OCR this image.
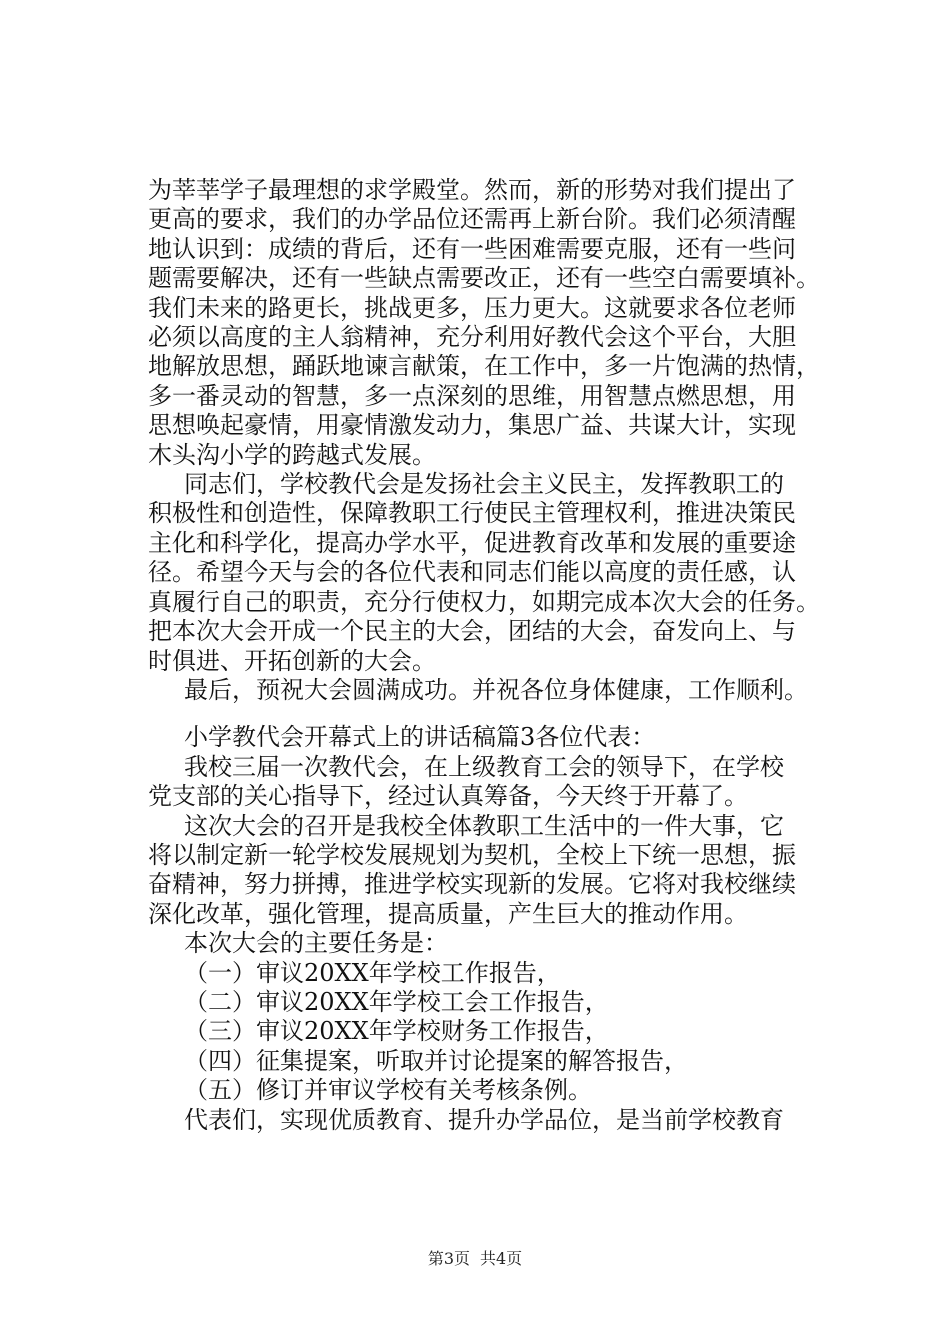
为莘莘学子最理想的求学殿堂。然而，新的形势对我们提出了
更高的要求，我们的办学品位还需再上新台阶。我们必须清醒
地认识到：成绩的背后，还有一些困难需要克服，还有一些问
题需要解决，还有一些缺点需要改正，还有一些空白需要填补。
我们未来的路更长，挑战更多，压力更大。这就要求各位老师
必须以高度的主人翁精神，充分利用好教代会这个平台，大胆
地解放思想，踊跃地谏言献策，在工作中，多一片饱满的热情，
多一番灵动的智慧，多一点深刻的思维，用智慧点燃思想，用
思想唤起豪情，用豪情激发动力，集思广益、共谋大计，实现
木头沟小学的跨越式发展。
同志们，学校教代会是发扬社会主义民主，发挥教职工的
积极性和创造性，保障教职工行使民主管理权利，推进决策民
主化和科学化，提高办学水平，促进教育改革和发展的重要途
径。希望今天与会的各位代表和同志们能以高度的责任感，认
真履行自己的职责，充分行使权力，如期完成本次大会的任务。
把本次大会开成一个民主的大会，团结的大会，奋发向上、与
时俱进、开拓创新的大会。
最后，预祝大会圆满成功。并祝各位身体健康，工作顺利。
小学教代会开幕式上的讲话稿篇3各位代表：
我校三届一次教代会，在上级教育工会的领导下，在学校
党支部的关心指导下，经过认真筹备，今天终于开幕了。
这次大会的召开是我校全体教职工生活中的一件大事，它
将以制定新一轮学校发展规划为契机，全校上下统一思想，振
奋精神，努力拼搏，推进学校实现新的发展。它将对我校继续
深化改革，强化管理，提高质量，产生巨大的推动作用。
本次大会的主要任务是：
（一）审议20XX年学校工作报告，
（二）审议20XX年学校工会工作报告，
（三）审议20XX年学校财务工作报告，
（四）征集提案，听取并讨论提案的解答报告，
（五）修订并审议学校有关考核条例。
代表们，实现优质教育、提升办学品位，是当前学校教育
第3页 共4页
